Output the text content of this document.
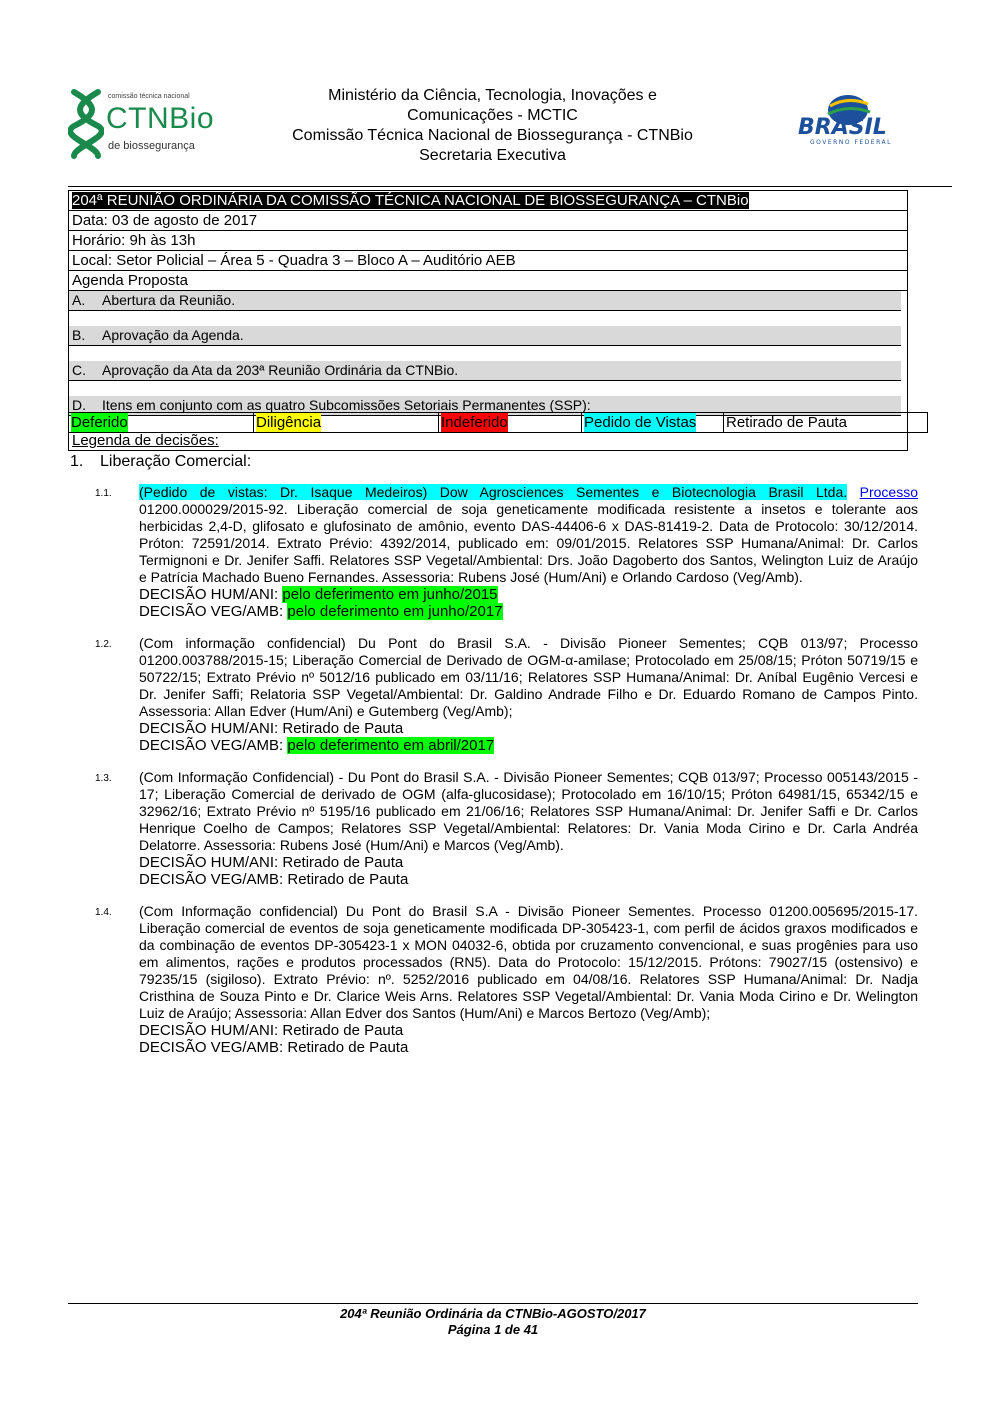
comissão técnica nacional
CTNBio
de biossegurança
Ministério da Ciência, Tecnologia, Inovações e
Comunicações - MCTIC
Comissão Técnica Nacional de Biossegurança - CTNBio
Secretaria Executiva
BRASIL
GOVERNO FEDERAL
204ª REUNIÃO ORDINÁRIA DA COMISSÃO TÉCNICA NACIONAL DE BIOSSEGURANÇA – CTNBio
Data: 03 de agosto de 2017
Horário: 9h às 13h
Local: Setor Policial – Área 5 - Quadra 3 – Bloco A – Auditório AEB
Agenda Proposta
A. Abertura da Reunião.
B. Aprovação da Agenda.
C. Aprovação da Ata da 203ª Reunião Ordinária da CTNBio.
D. Itens em conjunto com as quatro Subcomissões Setoriais Permanentes (SSP):
Legenda de decisões:
Deferido	Diligência	Indeferido	Pedido de Vistas	Retirado de Pauta
1. Liberação Comercial:
1.1. (Pedido de vistas: Dr. Isaque Medeiros) Dow Agrosciences Sementes e Biotecnologia Brasil Ltda. Processo 01200.000029/2015-92. Liberação comercial de soja geneticamente modificada resistente a insetos e tolerante aos herbicidas 2,4-D, glifosato e glufosinato de amônio, evento DAS-44406-6 x DAS-81419-2. Data de Protocolo: 30/12/2014. Próton: 72591/2014. Extrato Prévio: 4392/2014, publicado em: 09/01/2015. Relatores SSP Humana/Animal: Dr. Carlos Termignoni e Dr. Jenifer Saffi. Relatores SSP Vegetal/Ambiental: Drs. João Dagoberto dos Santos, Welington Luiz de Araújo e Patrícia Machado Bueno Fernandes. Assessoria: Rubens José (Hum/Ani) e Orlando Cardoso (Veg/Amb).
DECISÃO HUM/ANI: pelo deferimento em junho/2015
DECISÃO VEG/AMB: pelo deferimento em junho/2017
1.2. (Com informação confidencial) Du Pont do Brasil S.A. - Divisão Pioneer Sementes; CQB 013/97; Processo 01200.003788/2015-15; Liberação Comercial de Derivado de OGM-α-amilase; Protocolado em 25/08/15; Próton 50719/15 e 50722/15; Extrato Prévio nº 5012/16 publicado em 03/11/16; Relatores SSP Humana/Animal: Dr. Aníbal Eugênio Vercesi e Dr. Jenifer Saffi; Relatoria SSP Vegetal/Ambiental: Dr. Galdino Andrade Filho e Dr. Eduardo Romano de Campos Pinto. Assessoria: Allan Edver (Hum/Ani) e Gutemberg (Veg/Amb);
DECISÃO HUM/ANI: Retirado de Pauta
DECISÃO VEG/AMB: pelo deferimento em abril/2017
1.3. (Com Informação Confidencial) - Du Pont do Brasil S.A. - Divisão Pioneer Sementes; CQB 013/97; Processo 005143/2015 - 17; Liberação Comercial de derivado de OGM (alfa-glucosidase); Protocolado em 16/10/15; Próton 64981/15, 65342/15 e 32962/16; Extrato Prévio nº 5195/16 publicado em 21/06/16; Relatores SSP Humana/Animal: Dr. Jenifer Saffi e Dr. Carlos Henrique Coelho de Campos; Relatores SSP Vegetal/Ambiental: Relatores: Dr. Vania Moda Cirino e Dr. Carla Andréa Delatorre. Assessoria: Rubens José (Hum/Ani) e Marcos (Veg/Amb).
DECISÃO HUM/ANI: Retirado de Pauta
DECISÃO VEG/AMB: Retirado de Pauta
1.4. (Com Informação confidencial) Du Pont do Brasil S.A - Divisão Pioneer Sementes. Processo 01200.005695/2015-17. Liberação comercial de eventos de soja geneticamente modificada DP-305423-1, com perfil de ácidos graxos modificados e da combinação de eventos DP-305423-1 x MON 04032-6, obtida por cruzamento convencional, e suas progênies para uso em alimentos, rações e produtos processados (RN5). Data do Protocolo: 15/12/2015. Prótons: 79027/15 (ostensivo) e 79235/15 (sigiloso). Extrato Prévio: nº. 5252/2016 publicado em 04/08/16. Relatores SSP Humana/Animal: Dr. Nadja Cristhina de Souza Pinto e Dr. Clarice Weis Arns. Relatores SSP Vegetal/Ambiental: Dr. Vania Moda Cirino e Dr. Welington Luiz de Araújo; Assessoria: Allan Edver dos Santos (Hum/Ani) e Marcos Bertozo (Veg/Amb);
DECISÃO HUM/ANI: Retirado de Pauta
DECISÃO VEG/AMB: Retirado de Pauta
204ª Reunião Ordinária da CTNBio-AGOSTO/2017
Página 1 de 41
